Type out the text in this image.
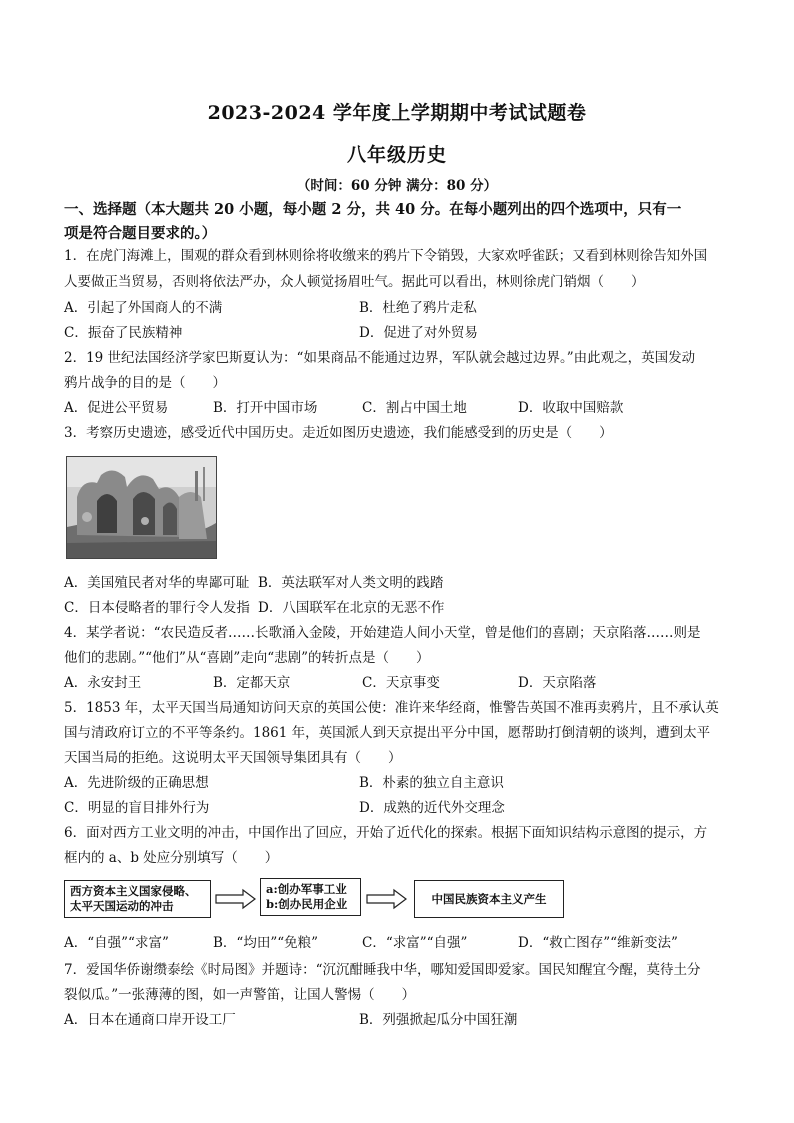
2023-2024 学年度上学期期中考试试题卷
八年级历史
（时间：60 分钟 满分：80 分）
一、选择题（本大题共 20 小题，每小题 2 分，共 40 分。在每小题列出的四个选项中，只有一
项是符合题目要求的。）
1．在虎门海滩上，围观的群众看到林则徐将收缴来的鸦片下令销毁，大家欢呼雀跃；又看到林则徐告知外国
人要做正当贸易，否则将依法严办，众人顿觉扬眉吐气。据此可以看出，林则徐虎门销烟（　　）
A．引起了外国商人的不满	B．杜绝了鸦片走私
C．振奋了民族精神	D．促进了对外贸易
2．19 世纪法国经济学家巴斯夏认为：“如果商品不能通过边界，军队就会越过边界。”由此观之，英国发动
鸦片战争的目的是（　　）
A．促进公平贸易	B．打开中国市场	C．割占中国土地	D．收取中国赔款
3．考察历史遗迹，感受近代中国历史。走近如图历史遗迹，我们能感受到的历史是（　　）
A．美国殖民者对华的卑鄙可耻 B．英法联军对人类文明的践踏
C．日本侵略者的罪行令人发指 D．八国联军在北京的无恶不作
4．某学者说：“农民造反者……长歌涌入金陵，开始建造人间小天堂，曾是他们的喜剧；天京陷落……则是
他们的悲剧。”“他们”从“喜剧”走向“悲剧”的转折点是（　　）
A．永安封王	B．定都天京	C．天京事变	D．天京陷落
5．1853 年，太平天国当局通知访问天京的英国公使：准许来华经商，惟警告英国不准再卖鸦片，且不承认英
国与清政府订立的不平等条约。1861 年，英国派人到天京提出平分中国，愿帮助打倒清朝的谈判，遭到太平
天国当局的拒绝。这说明太平天国领导集团具有（　　）
A．先进阶级的正确思想	B．朴素的独立自主意识
C．明显的盲目排外行为	D．成熟的近代外交理念
6．面对西方工业文明的冲击，中国作出了回应，开始了近代化的探索。根据下面知识结构示意图的提示，方
框内的 a、b 处应分别填写（　　）
西方资本主义国家侵略、
太平天国运动的冲击
a:创办军事工业
b:创办民用企业	中国民族资本主义产生
A．“自强”“求富”	B．“均田”“免粮”	C．“求富”“自强”	D．“救亡图存”“维新变法”
7．爱国华侨谢缵泰绘《时局图》并题诗：“沉沉酣睡我中华，哪知爱国即爱家。国民知醒宜今醒，莫待土分
裂似瓜。”一张薄薄的图，如一声警笛，让国人警惕（　　）
A．日本在通商口岸开设工厂	B．列强掀起瓜分中国狂潮
